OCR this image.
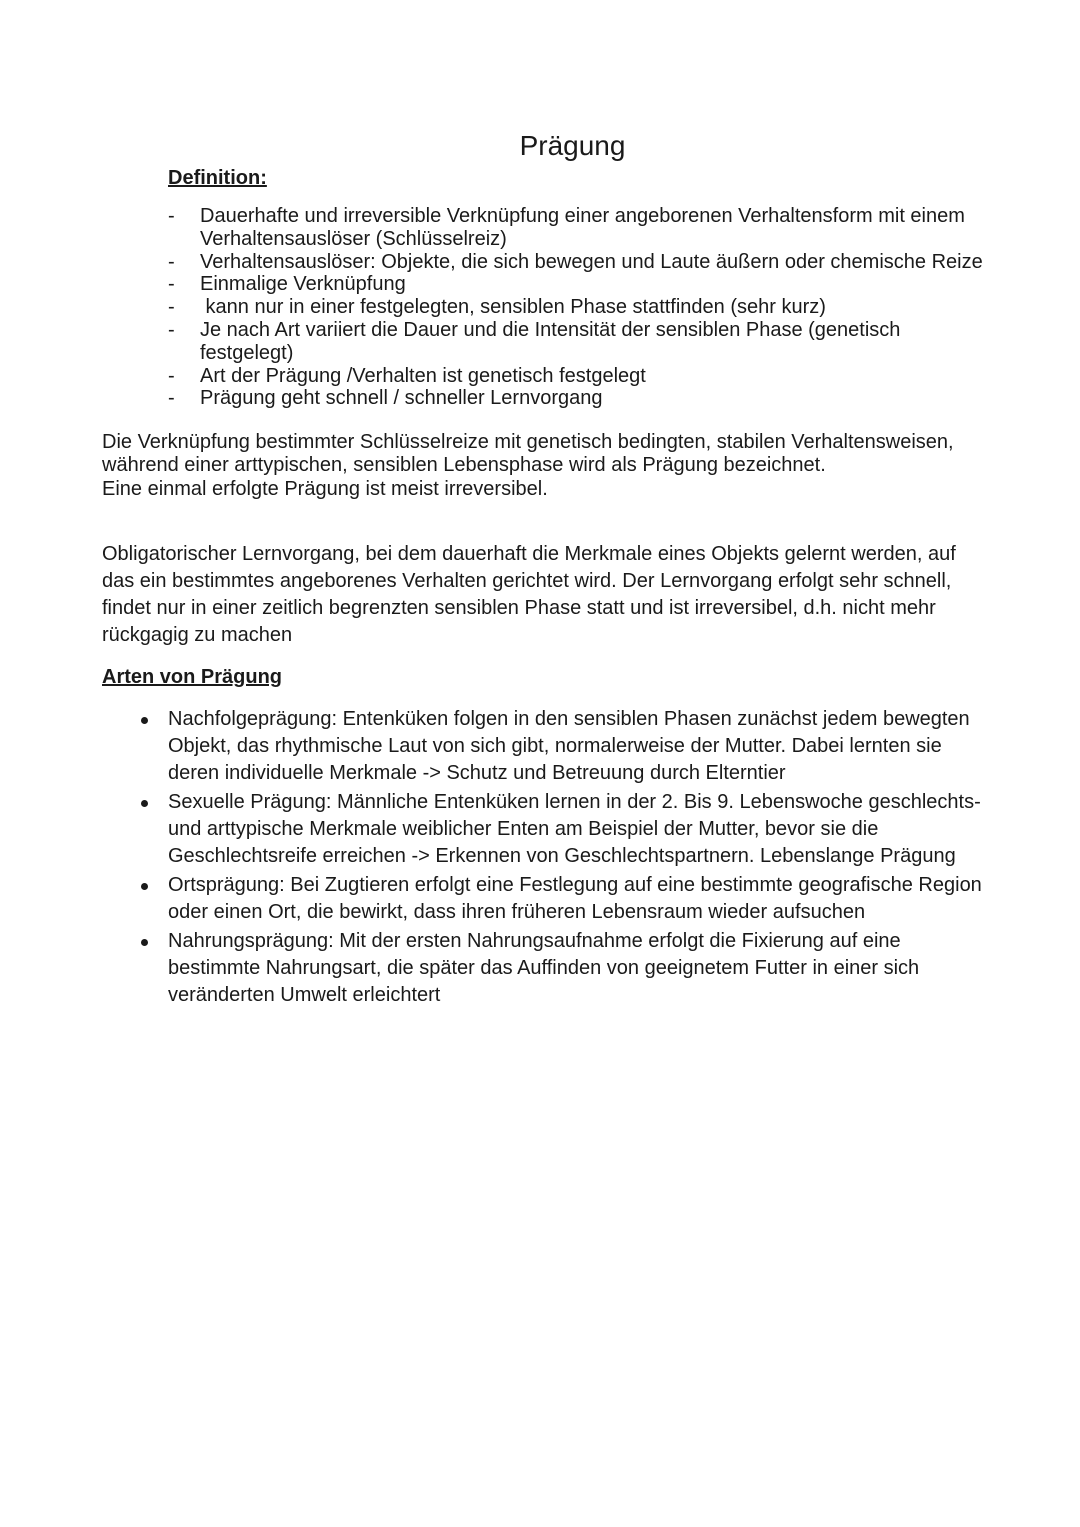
Prägung
Definition:
- Dauerhafte und irreversible Verknüpfung einer angeborenen Verhaltensform mit einem Verhaltensauslöser (Schlüsselreiz)
- Verhaltensauslöser: Objekte, die sich bewegen und Laute äußern oder chemische Reize
- Einmalige Verknüpfung
- kann nur in einer festgelegten, sensiblen Phase stattfinden (sehr kurz)
- Je nach Art variiert die Dauer und die Intensität der sensiblen Phase (genetisch festgelegt)
- Art der Prägung /Verhalten ist genetisch festgelegt
- Prägung geht schnell / schneller Lernvorgang

Die Verknüpfung bestimmter Schlüsselreize mit genetisch bedingten, stabilen Verhaltensweisen, während einer arttypischen, sensiblen Lebensphase wird als Prägung bezeichnet.

Eine einmal erfolgte Prägung ist meist irreversibel.

Obligatorischer Lernvorgang, bei dem dauerhaft die Merkmale eines Objekts gelernt werden, auf das ein bestimmtes angeborenes Verhalten gerichtet wird. Der Lernvorgang erfolgt sehr schnell, findet nur in einer zeitlich begrenzten sensiblen Phase statt und ist irreversibel, d.h. nicht mehr rückgagig zu machen

Arten von Prägung
Nachfolgeprägung: Entenküken folgen in den sensiblen Phasen zunächst jedem bewegten Objekt, das rhythmische Laut von sich gibt, normalerweise der Mutter. Dabei lernten sie deren individuelle Merkmale -> Schutz und Betreuung durch Elterntier
Sexuelle Prägung: Männliche Entenküken lernen in der 2. Bis 9. Lebenswoche geschlechts- und arttypische Merkmale weiblicher Enten am Beispiel der Mutter, bevor sie die Geschlechtsreife erreichen -> Erkennen von Geschlechtspartnern. Lebenslange Prägung
Ortsprägung: Bei Zugtieren erfolgt eine Festlegung auf eine bestimmte geografische Region oder einen Ort, die bewirkt, dass ihren früheren Lebensraum wieder aufsuchen
Nahrungsprägung: Mit der ersten Nahrungsaufnahme erfolgt die Fixierung auf eine bestimmte Nahrungsart, die später das Auffinden von geeignetem Futter in einer sich veränderten Umwelt erleichtert
